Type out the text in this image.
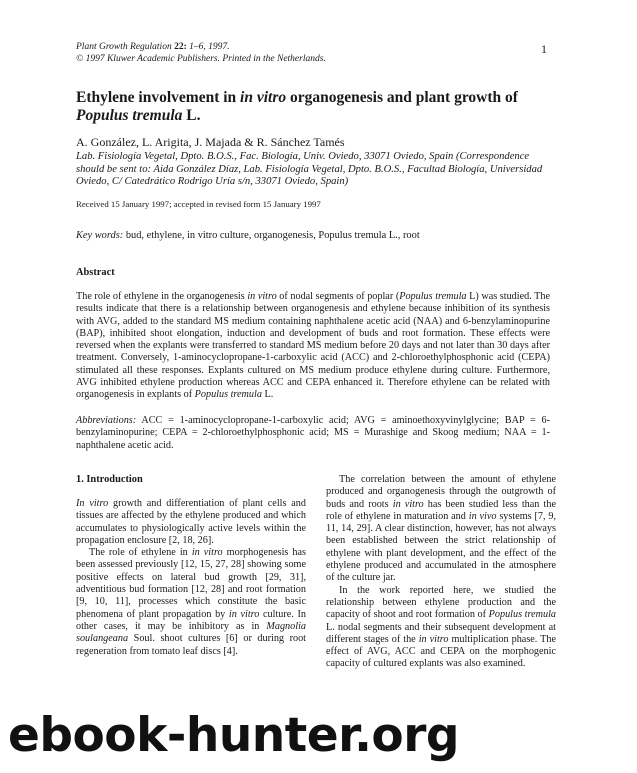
Plant Growth Regulation 22: 1–6, 1997.
© 1997 Kluwer Academic Publishers. Printed in the Netherlands.
1
Ethylene involvement in in vitro organogenesis and plant growth of Populus tremula L.
A. González, L. Arigita, J. Majada & R. Sánchez Tamés
Lab. Fisiología Vegetal, Dpto. B.O.S., Fac. Biología, Univ. Oviedo, 33071 Oviedo, Spain (Correspondence should be sent to: Aida González Díaz, Lab. Fisiología Vegetal, Dpto. B.O.S., Facultad Biología, Universidad Oviedo, C/ Catedrático Rodrigo Uría s/n, 33071 Oviedo, Spain)
Received 15 January 1997; accepted in revised form 15 January 1997
Key words: bud, ethylene, in vitro culture, organogenesis, Populus tremula L., root
Abstract
The role of ethylene in the organogenesis in vitro of nodal segments of poplar (Populus tremula L) was studied. The results indicate that there is a relationship between organogenesis and ethylene because inhibition of its synthesis with AVG, added to the standard MS medium containing naphthalene acetic acid (NAA) and 6-benzylaminopurine (BAP), inhibited shoot elongation, induction and development of buds and root formation. These effects were reversed when the explants were transferred to standard MS medium before 20 days and not later than 30 days after treatment. Conversely, 1-aminocyclopropane-1-carboxylic acid (ACC) and 2-chloroethylphosphonic acid (CEPA) stimulated all these responses. Explants cultured on MS medium produce ethylene during culture. Furthermore, AVG inhibited ethylene production whereas ACC and CEPA enhanced it. Therefore ethylene can be related with organogenesis in explants of Populus tremula L.
Abbreviations: ACC = 1-aminocyclopropane-1-carboxylic acid; AVG = aminoethoxyvinylglycine; BAP = 6-benzylaminopurine; CEPA = 2-chloroethylphosphonic acid; MS = Murashige and Skoog medium; NAA = 1-naphthalene acetic acid.
1. Introduction

In vitro growth and differentiation of plant cells and tissues are affected by the ethylene produced and which accumulates to physiologically active levels within the propagation enclosure [2, 18, 26].

The role of ethylene in in vitro morphogenesis has been assessed previously [12, 15, 27, 28] showing some positive effects on lateral bud growth [29, 31], adventitious bud formation [12, 28] and root formation [9, 10, 11], processes which constitute the basic phenomena of plant propagation by in vitro culture. In other cases, it may be inhibitory as in Magnolia soulangeana Soul. shoot cultures [6] or during root regeneration from tomato leaf discs [4].

The correlation between the amount of ethylene produced and organogenesis through the outgrowth of buds and roots in vitro has been studied less than the role of ethylene in maturation and in vivo systems [7, 9, 11, 14, 29]. A clear distinction, however, has not always been established between the strict relationship of ethylene with plant development, and the effect of the ethylene produced and accumulated in the atmosphere of the culture jar.

In the work reported here, we studied the relationship between ethylene production and the capacity of shoot and root formation of Populus tremula L. nodal segments and their subsequent development at different stages of the in vitro multiplication phase. The effect of AVG, ACC and CEPA on the morphogenic capacity of cultured explants was also examined.

ebook-hunter.org
